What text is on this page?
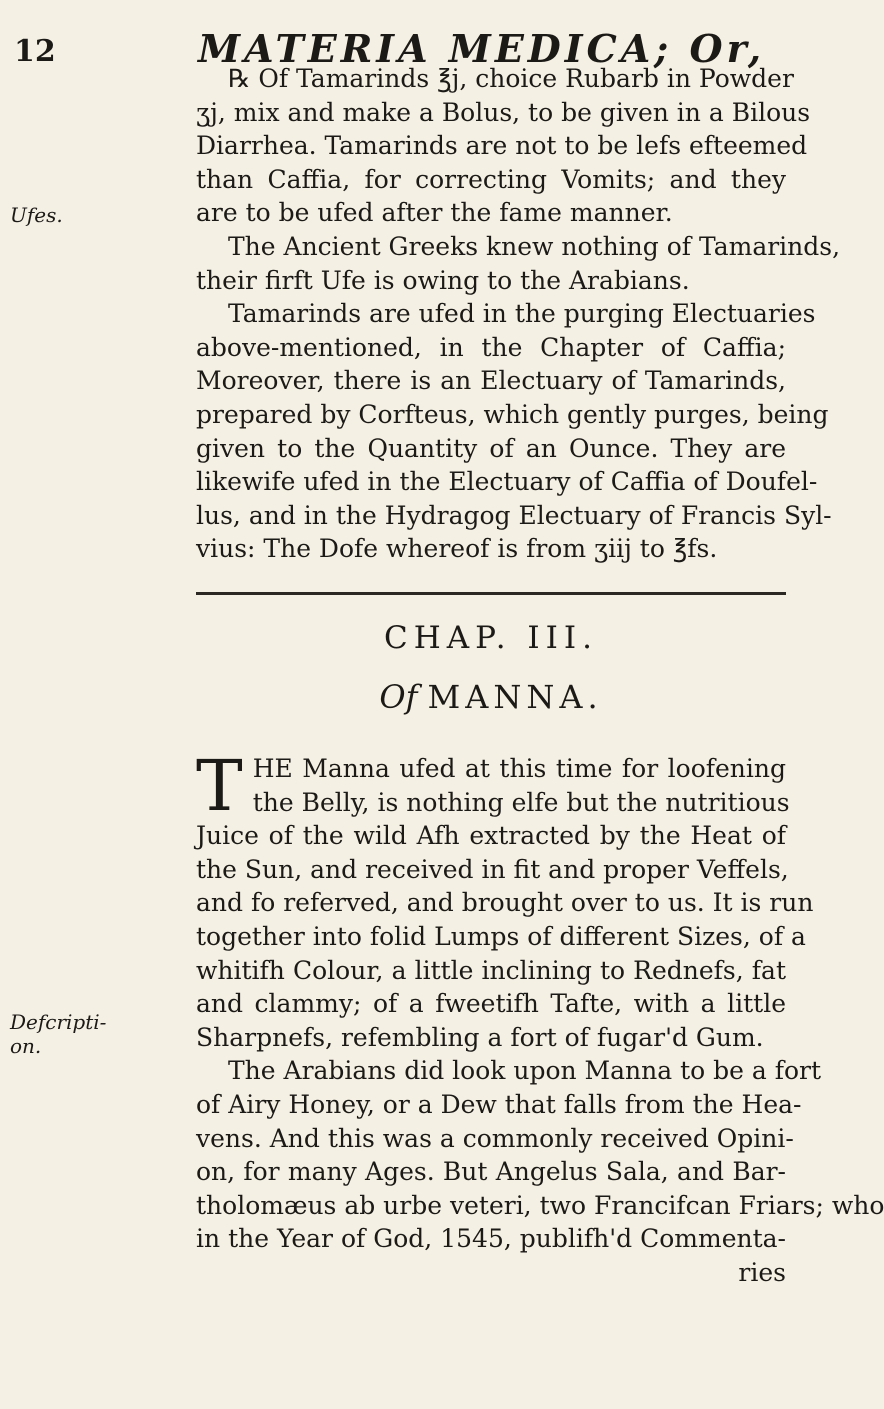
12	MATERIA MEDICA; Or,
Ufes.
Defcripti-
on.
℞ Of Tamarinds ℥j, choice Rubarb in Powder
ʒj, mix and make a Bolus, to be given in a Bilous
Diarrhea. Tamarinds are not to be lefs efteemed
than Caffia, for correcting Vomits; and they
are to be ufed after the fame manner.
The Ancient Greeks knew nothing of Tamarinds,
their firft Ufe is owing to the Arabians.
Tamarinds are ufed in the purging Electuaries
above-mentioned, in the Chapter of Caffia;
Moreover, there is an Electuary of Tamarinds,
prepared by Corfteus, which gently purges, being
given to the Quantity of an Ounce. They are
likewife ufed in the Electuary of Caffia of Doufel-
lus, and in the Hydragog Electuary of Francis Syl-
vius: The Dofe whereof is from ʒiij to ℥fs.
CHAP. III.
Of MANNA.
T HE Manna ufed at this time for loofening
the Belly, is nothing elfe but the nutritious
Juice of the wild Afh extracted by the Heat of
the Sun, and received in fit and proper Veffels,
and fo referved, and brought over to us. It is run
together into folid Lumps of different Sizes, of a
whitifh Colour, a little inclining to Rednefs, fat
and clammy; of a fweetifh Tafte, with a little
Sharpnefs, refembling a fort of fugar'd Gum.
The Arabians did look upon Manna to be a fort
of Airy Honey, or a Dew that falls from the Hea-
vens. And this was a commonly received Opini-
on, for many Ages. But Angelus Sala, and Bar-
tholomæus ab urbe veteri, two Francifcan Friars; who
in the Year of God, 1545, publifh'd Commenta-
ries
